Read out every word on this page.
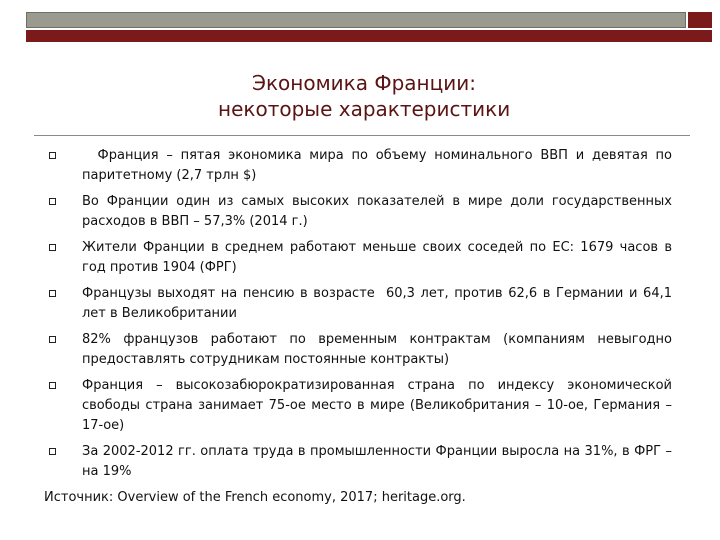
Экономика Франции:
некоторые характеристики
Франция – пятая экономика мира по объему номинального ВВП и девятая по паритетному (2,7 трлн $)
Во Франции один из самых высоких показателей в мире доли государственных расходов в ВВП – 57,3% (2014 г.)
Жители Франции в среднем работают меньше своих соседей по ЕС: 1679 часов в год против 1904 (ФРГ)
Французы выходят на пенсию в возрасте  60,3 лет, против 62,6 в Германии и 64,1 лет в Великобритании
82% французов работают по временным контрактам (компаниям невыгодно предоставлять сотрудникам постоянные контракты)
Франция – высокозабюрократизированная страна по индексу экономической свободы страна занимает 75-ое место в мире (Великобритания – 10-ое, Германия – 17-ое)
За 2002-2012 гг. оплата труда в промышленности Франции выросла на 31%, в ФРГ – на 19%
Источник: Overview of the French economy, 2017; heritage.org.
